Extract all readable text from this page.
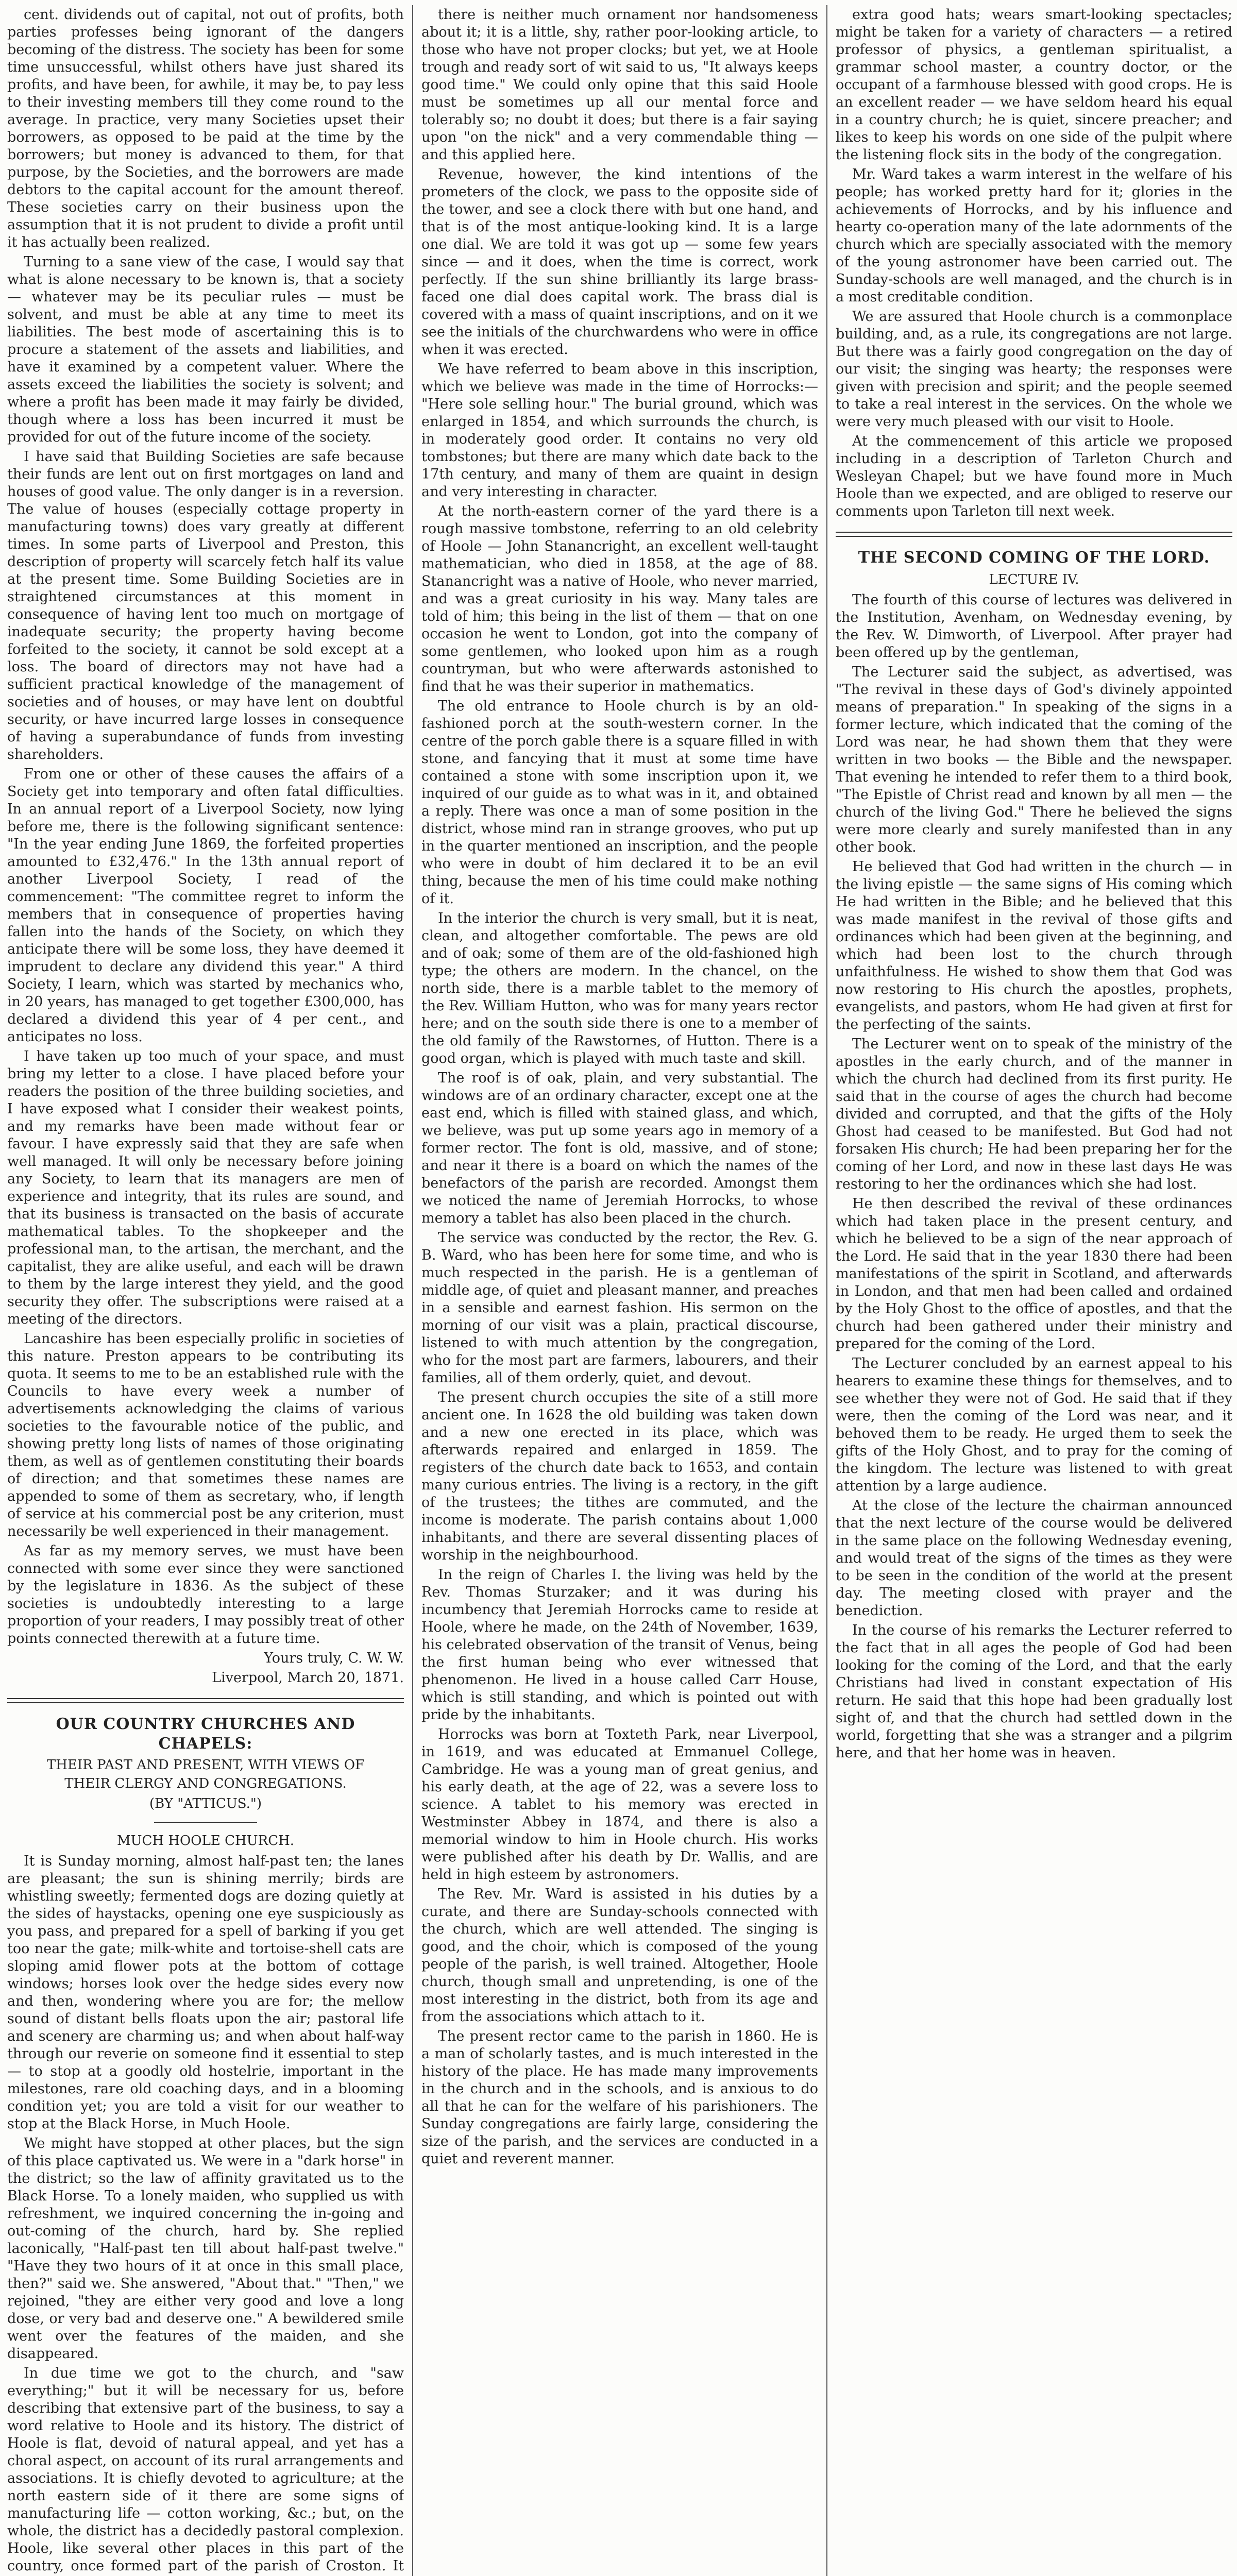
cent. dividends out of capital, not out of profits, both parties professes being ignorant of the dangers becoming of the distress. The society has been for some time unsuccessful, whilst others have just shared its profits, and have been, for awhile, it may be, to pay less to their investing members till they come round to the average. In practice, very many Societies upset their borrowers, as opposed to be paid at the time by the borrowers; but money is advanced to them, for that purpose, by the Societies, and the borrowers are made debtors to the capital account for the amount thereof. These societies carry on their business upon the assumption that it is not prudent to divide a profit until it has actually been realized.

Turning to a sane view of the case, I would say that what is alone necessary to be known is, that a society — whatever may be its peculiar rules — must be solvent, and must be able at any time to meet its liabilities. The best mode of ascertaining this is to procure a statement of the assets and liabilities, and have it examined by a competent valuer. Where the assets exceed the liabilities the society is solvent; and where a profit has been made it may fairly be divided, though where a loss has been incurred it must be provided for out of the future income of the society.

I have said that Building Societies are safe because their funds are lent out on first mortgages on land and houses of good value. The only danger is in a reversion. The value of houses (especially cottage property in manufacturing towns) does vary greatly at different times. In some parts of Liverpool and Preston, this description of property will scarcely fetch half its value at the present time. Some Building Societies are in straightened circumstances at this moment in consequence of having lent too much on mortgage of inadequate security; the property having become forfeited to the society, it cannot be sold except at a loss. The board of directors may not have had a sufficient practical knowledge of the management of societies and of houses, or may have lent on doubtful security, or have incurred large losses in consequence of having a superabundance of funds from investing shareholders.

From one or other of these causes the affairs of a Society get into temporary and often fatal difficulties. In an annual report of a Liverpool Society, now lying before me, there is the following significant sentence: "In the year ending June 1869, the forfeited properties amounted to £32,476." In the 13th annual report of another Liverpool Society, I read of the commencement: "The committee regret to inform the members that in consequence of properties having fallen into the hands of the Society, on which they anticipate there will be some loss, they have deemed it imprudent to declare any dividend this year." A third Society, I learn, which was started by mechanics who, in 20 years, has managed to get together £300,000, has declared a dividend this year of 4 per cent., and anticipates no loss.

I have taken up too much of your space, and must bring my letter to a close. I have placed before your readers the position of the three building societies, and I have exposed what I consider their weakest points, and my remarks have been made without fear or favour. I have expressly said that they are safe when well managed. It will only be necessary before joining any Society, to learn that its managers are men of experience and integrity, that its rules are sound, and that its business is transacted on the basis of accurate mathematical tables. To the shopkeeper and the professional man, to the artisan, the merchant, and the capitalist, they are alike useful, and each will be drawn to them by the large interest they yield, and the good security they offer. The subscriptions were raised at a meeting of the directors.

Lancashire has been especially prolific in societies of this nature. Preston appears to be contributing its quota. It seems to me to be an established rule with the Councils to have every week a number of advertisements acknowledging the claims of various societies to the favourable notice of the public, and showing pretty long lists of names of those originating them, as well as of gentlemen constituting their boards of direction; and that sometimes these names are appended to some of them as secretary, who, if length of service at his commercial post be any criterion, must necessarily be well experienced in their management.

As far as my memory serves, we must have been connected with some ever since they were sanctioned by the legislature in 1836. As the subject of these societies is undoubtedly interesting to a large proportion of your readers, I may possibly treat of other points connected therewith at a future time.

Yours truly, C. W. W.
Liverpool, March 20, 1871.
OUR COUNTRY CHURCHES AND CHAPELS:
THEIR PAST AND PRESENT, WITH VIEWS OF
THEIR CLERGY AND CONGREGATIONS.
(BY "ATTICUS.")
MUCH HOOLE CHURCH.

It is Sunday morning, almost half-past ten; the lanes are pleasant; the sun is shining merrily; birds are whistling sweetly; fermented dogs are dozing quietly at the sides of haystacks, opening one eye suspiciously as you pass, and prepared for a spell of barking if you get too near the gate; milk-white and tortoise-shell cats are sloping amid flower pots at the bottom of cottage windows; horses look over the hedge sides every now and then, wondering where you are for; the mellow sound of distant bells floats upon the air; pastoral life and scenery are charming us; and when about half-way through our reverie on someone find it essential to step — to stop at a goodly old hostelrie, important in the milestones, rare old coaching days, and in a blooming condition yet; you are told a visit for our weather to stop at the Black Horse, in Much Hoole.

We might have stopped at other places, but the sign of this place captivated us. We were in a "dark horse" in the district; so the law of affinity gravitated us to the Black Horse. To a lonely maiden, who supplied us with refreshment, we inquired concerning the in-going and out-coming of the church, hard by. She replied laconically, "Half-past ten till about half-past twelve." "Have they two hours of it at once in this small place, then?" said we. She answered, "About that." "Then," we rejoined, "they are either very good and love a long dose, or very bad and deserve one." A bewildered smile went over the features of the maiden, and she disappeared.

In due time we got to the church, and "saw everything;" but it will be necessary for us, before describing that extensive part of the business, to say a word relative to Hoole and its history. The district of Hoole is flat, devoid of natural appeal, and yet has a choral aspect, on account of its rural arrangements and associations. It is chiefly devoted to agriculture; at the north eastern side of it there are some signs of manufacturing life — cotton working, &c.; but, on the whole, the district has a decidedly pastoral complexion. Hoole, like several other places in this part of the country, once formed part of the parish of Croston. It

there is neither much ornament nor handsomeness about it; it is a little, shy, rather poor-looking article, to those who have not proper clocks; but yet, we at Hoole trough and ready sort of wit said to us, "It always keeps good time." We could only opine that this said Hoole must be sometimes up all our mental force and tolerably so; no doubt it does; but there is a fair saying upon "on the nick" and a very commendable thing — and this applied here.

Revenue, however, the kind intentions of the prometers of the clock, we pass to the opposite side of the tower, and see a clock there with but one hand, and that is of the most antique-looking kind. It is a large one dial. We are told it was got up — some few years since — and it does, when the time is correct, work perfectly. If the sun shine brilliantly its large brass-faced one dial does capital work. The brass dial is covered with a mass of quaint inscriptions, and on it we see the initials of the churchwardens who were in office when it was erected.

We have referred to beam above in this inscription, which we believe was made in the time of Horrocks:— "Here sole selling hour." The burial ground, which was enlarged in 1854, and which surrounds the church, is in moderately good order. It contains no very old tombstones; but there are many which date back to the 17th century, and many of them are quaint in design and very interesting in character.

At the north-eastern corner of the yard there is a rough massive tombstone, referring to an old celebrity of Hoole — John Stanancright, an excellent well-taught mathematician, who died in 1858, at the age of 88. Stanancright was a native of Hoole, who never married, and was a great curiosity in his way. Many tales are told of him; this being in the list of them — that on one occasion he went to London, got into the company of some gentlemen, who looked upon him as a rough countryman, but who were afterwards astonished to find that he was their superior in mathematics.

The old entrance to Hoole church is by an old-fashioned porch at the south-western corner. In the centre of the porch gable there is a square filled in with stone, and fancying that it must at some time have contained a stone with some inscription upon it, we inquired of our guide as to what was in it, and obtained a reply. There was once a man of some position in the district, whose mind ran in strange grooves, who put up in the quarter mentioned an inscription, and the people who were in doubt of him declared it to be an evil thing, because the men of his time could make nothing of it.

In the interior the church is very small, but it is neat, clean, and altogether comfortable. The pews are old and of oak; some of them are of the old-fashioned high type; the others are modern. In the chancel, on the north side, there is a marble tablet to the memory of the Rev. William Hutton, who was for many years rector here; and on the south side there is one to a member of the old family of the Rawstornes, of Hutton. There is a good organ, which is played with much taste and skill.

The roof is of oak, plain, and very substantial. The windows are of an ordinary character, except one at the east end, which is filled with stained glass, and which, we believe, was put up some years ago in memory of a former rector. The font is old, massive, and of stone; and near it there is a board on which the names of the benefactors of the parish are recorded. Amongst them we noticed the name of Jeremiah Horrocks, to whose memory a tablet has also been placed in the church.

The service was conducted by the rector, the Rev. G. B. Ward, who has been here for some time, and who is much respected in the parish. He is a gentleman of middle age, of quiet and pleasant manner, and preaches in a sensible and earnest fashion. His sermon on the morning of our visit was a plain, practical discourse, listened to with much attention by the congregation, who for the most part are farmers, labourers, and their families, all of them orderly, quiet, and devout.

The present church occupies the site of a still more ancient one. In 1628 the old building was taken down and a new one erected in its place, which was afterwards repaired and enlarged in 1859. The registers of the church date back to 1653, and contain many curious entries. The living is a rectory, in the gift of the trustees; the tithes are commuted, and the income is moderate. The parish contains about 1,000 inhabitants, and there are several dissenting places of worship in the neighbourhood.

In the reign of Charles I. the living was held by the Rev. Thomas Sturzaker; and it was during his incumbency that Jeremiah Horrocks came to reside at Hoole, where he made, on the 24th of November, 1639, his celebrated observation of the transit of Venus, being the first human being who ever witnessed that phenomenon. He lived in a house called Carr House, which is still standing, and which is pointed out with pride by the inhabitants.

Horrocks was born at Toxteth Park, near Liverpool, in 1619, and was educated at Emmanuel College, Cambridge. He was a young man of great genius, and his early death, at the age of 22, was a severe loss to science. A tablet to his memory was erected in Westminster Abbey in 1874, and there is also a memorial window to him in Hoole church. His works were published after his death by Dr. Wallis, and are held in high esteem by astronomers.

The Rev. Mr. Ward is assisted in his duties by a curate, and there are Sunday-schools connected with the church, which are well attended. The singing is good, and the choir, which is composed of the young people of the parish, is well trained. Altogether, Hoole church, though small and unpretending, is one of the most interesting in the district, both from its age and from the associations which attach to it.

The present rector came to the parish in 1860. He is a man of scholarly tastes, and is much interested in the history of the place. He has made many improvements in the church and in the schools, and is anxious to do all that he can for the welfare of his parishioners. The Sunday congregations are fairly large, considering the size of the parish, and the services are conducted in a quiet and reverent manner.

extra good hats; wears smart-looking spectacles; might be taken for a variety of characters — a retired professor of physics, a gentleman spiritualist, a grammar school master, a country doctor, or the occupant of a farmhouse blessed with good crops. He is an excellent reader — we have seldom heard his equal in a country church; he is quiet, sincere preacher; and likes to keep his words on one side of the pulpit where the listening flock sits in the body of the congregation.

Mr. Ward takes a warm interest in the welfare of his people; has worked pretty hard for it; glories in the achievements of Horrocks, and by his influence and hearty co-operation many of the late adornments of the church which are specially associated with the memory of the young astronomer have been carried out. The Sunday-schools are well managed, and the church is in a most creditable condition.

We are assured that Hoole church is a commonplace building, and, as a rule, its congregations are not large. But there was a fairly good congregation on the day of our visit; the singing was hearty; the responses were given with precision and spirit; and the people seemed to take a real interest in the services. On the whole we were very much pleased with our visit to Hoole.

At the commencement of this article we proposed including in a description of Tarleton Church and Wesleyan Chapel; but we have found more in Much Hoole than we expected, and are obliged to reserve our comments upon Tarleton till next week.

THE SECOND COMING OF THE LORD.
LECTURE IV.

The fourth of this course of lectures was delivered in the Institution, Avenham, on Wednesday evening, by the Rev. W. Dimworth, of Liverpool. After prayer had been offered up by the gentleman,

The Lecturer said the subject, as advertised, was "The revival in these days of God's divinely appointed means of preparation." In speaking of the signs in a former lecture, which indicated that the coming of the Lord was near, he had shown them that they were written in two books — the Bible and the newspaper. That evening he intended to refer them to a third book, "The Epistle of Christ read and known by all men — the church of the living God." There he believed the signs were more clearly and surely manifested than in any other book.

He believed that God had written in the church — in the living epistle — the same signs of His coming which He had written in the Bible; and he believed that this was made manifest in the revival of those gifts and ordinances which had been given at the beginning, and which had been lost to the church through unfaithfulness. He wished to show them that God was now restoring to His church the apostles, prophets, evangelists, and pastors, whom He had given at first for the perfecting of the saints.

The Lecturer went on to speak of the ministry of the apostles in the early church, and of the manner in which the church had declined from its first purity. He said that in the course of ages the church had become divided and corrupted, and that the gifts of the Holy Ghost had ceased to be manifested. But God had not forsaken His church; He had been preparing her for the coming of her Lord, and now in these last days He was restoring to her the ordinances which she had lost.

He then described the revival of these ordinances which had taken place in the present century, and which he believed to be a sign of the near approach of the Lord. He said that in the year 1830 there had been manifestations of the spirit in Scotland, and afterwards in London, and that men had been called and ordained by the Holy Ghost to the office of apostles, and that the church had been gathered under their ministry and prepared for the coming of the Lord.

The Lecturer concluded by an earnest appeal to his hearers to examine these things for themselves, and to see whether they were not of God. He said that if they were, then the coming of the Lord was near, and it behoved them to be ready. He urged them to seek the gifts of the Holy Ghost, and to pray for the coming of the kingdom. The lecture was listened to with great attention by a large audience.

At the close of the lecture the chairman announced that the next lecture of the course would be delivered in the same place on the following Wednesday evening, and would treat of the signs of the times as they were to be seen in the condition of the world at the present day. The meeting closed with prayer and the benediction.

In the course of his remarks the Lecturer referred to the fact that in all ages the people of God had been looking for the coming of the Lord, and that the early Christians had lived in constant expectation of His return. He said that this hope had been gradually lost sight of, and that the church had settled down in the world, forgetting that she was a stranger and a pilgrim here, and that her home was in heaven.
